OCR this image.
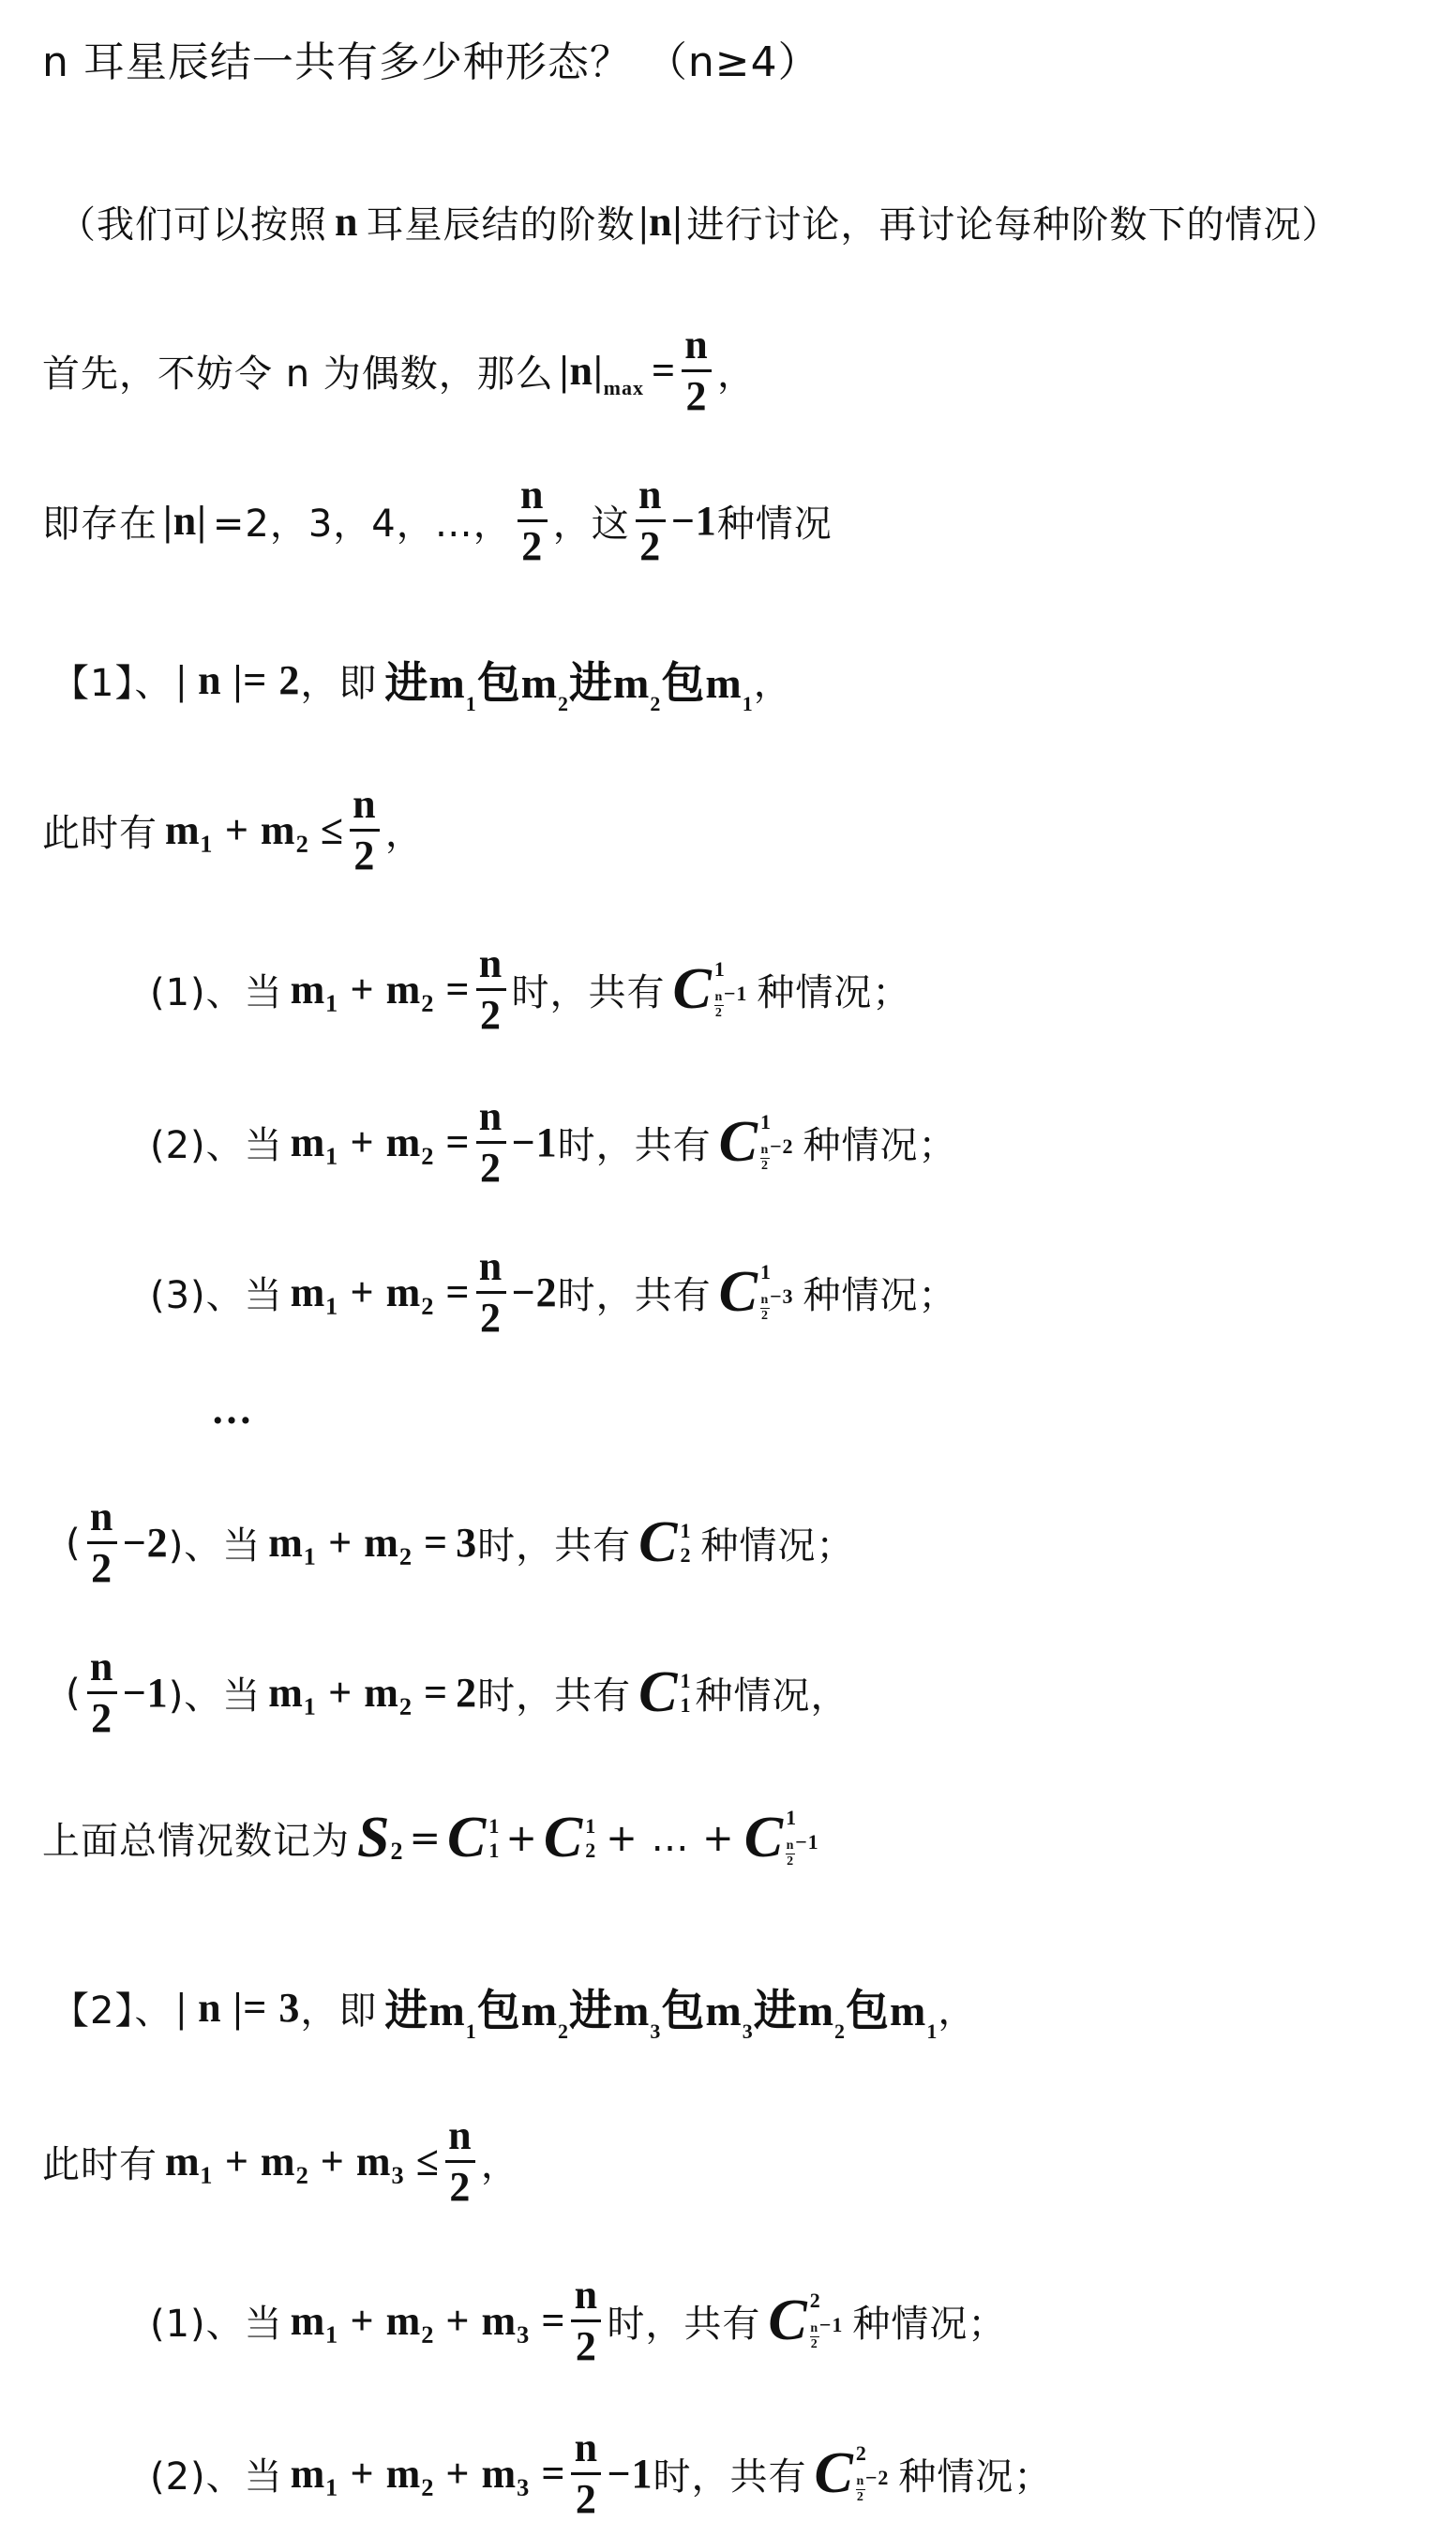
n 耳星辰结一共有多少种形态？ （n≥4）
（我们可以按照 n 耳星辰结的阶数 |n| 进行讨论，再讨论每种阶数下的情况）
首先，不妨令 n 为偶数，那么 |n| $\max = \frac{n}{2}$ ，
即存在 |n| =2，3，4，…， $\frac{n}{2}$ ，这 $\frac{n}{2} -1$ 种情况
【1】、 | n |= 2 ，即 进$m_1$包$m_2$进$m_2$包$m_1$ ，
此时有 $m_1 + m_2 \le \frac{n}{2}$ ，
(1)、当 $m_1 + m_2 = \frac{n}{2}$ 时，共有 C 1
$\frac{n}{2} -1$ 种情况；
(2)、当 $m_1 + m_2 = \frac{n}{2} -1$ 时，共有 C 1
$\frac{n}{2} -2$ 种情况；
(3)、当 $m_1 + m_2 = \frac{n}{2} -2$ 时，共有 C 1
$\frac{n}{2} -3$ 种情况；
…
( $\frac{n}{2} -2$ )、当 m₁ + m₂ = 3 时，共有 C 1
2 种情况；
( $\frac{n}{2} -1$ )、当 m₁ + m₂ = 2 时，共有 C 1
1 种情况，
上面总情况数记为 S 2 = C 1
1 + C 1
2 + … + C 1
$\frac{n}{2} -1$
【2】、 | n |= 3 ，即 进$m_1$包$m_2$进$m_3$包$m_3$进$m_2$包$m_1$ ，
此时有 $m_1 + m_2 + m_3 \le \frac{n}{2}$ ，
(1)、当 $m_1 + m_2 + m_3 = \frac{n}{2}$ 时，共有 C 2
$\frac{n}{2} -1$ 种情况；
(2)、当 $m_1 + m_2 + m_3 = \frac{n}{2} -1$ 时，共有 C 2
$\frac{n}{2} -2$ 种情况；
